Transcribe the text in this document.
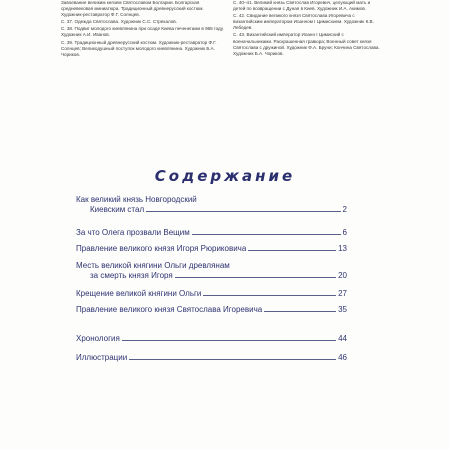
Завоевание великим князем Святославом Болгарии. Болгарская средневековая миниатюра. Традиционный древнерусский костюм. Художник-реставратор Ф.Г. Солнцев.
С. 37. Одежда Святослава. Художник С.С. Стрекалов.
С. 38. Подвиг молодого киевлянина при осаде Киева печенегами в 968 году. Художник А.И. Иванов.
С. 39. Традиционный древнерусский костюм. Художник-реставратор Ф.Г. Солнцев; Великодушный поступок молодого киевлянина. Художник Б.А. Чориков.
С. 40–41. Великий князь Святослав Игоревич, целующий мать и детей по возвращении с Дуная в Киев. Художник И.А. Акимов.
С. 42. Свидание великого князя Святослава Игоревича с византийским императором Иоанном I Цимисхием. Художник К.В. Лебедев.
С. 43. Византийский император Иоанн I Цимисхий с военачальниками. Раскрашенная гравюра; Военный совет князя Святослава с дружиной. Художник Ф.А. Бруни; Кончина Святослава. Художник Б.А. Чориков.
Содержание
Как великий князь Новгородский
Киевским стал	2
За что Олега прозвали Вещим	6
Правление великого князя Игоря Рюриковича	13
Месть великой княгини Ольги древлянам
за смерть князя Игоря	20
Крещение великой княгини Ольги	27
Правление великого князя Святослава Игоревича	35
Хронология	44
Иллюстрации	46
